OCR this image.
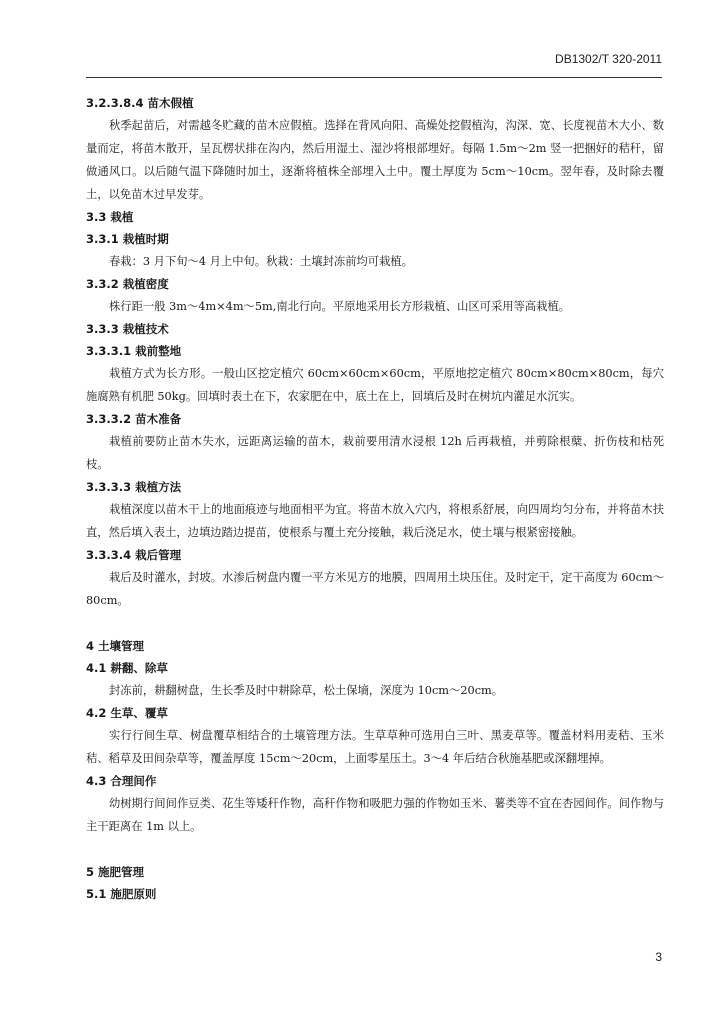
DB1302/T 320-2011
3.2.3.8.4 苗木假植
秋季起苗后，对需越冬贮藏的苗木应假植。选择在背风向阳、高燥处挖假植沟，沟深、宽、长度视苗木大小、数量而定，将苗木散开，呈瓦楞状排在沟内，然后用湿土、湿沙将根部埋好。每隔 1.5m～2m 竖一把捆好的秸秆，留做通风口。以后随气温下降随时加土，逐渐将植株全部埋入土中。覆土厚度为 5cm～10cm。翌年春，及时除去覆土，以免苗木过早发芽。
3.3 栽植
3.3.1 栽植时期
春栽：3 月下旬～4 月上中旬。秋栽：土壤封冻前均可栽植。
3.3.2 栽植密度
株行距一般 3m～4m×4m～5m,南北行向。平原地采用长方形栽植、山区可采用等高栽植。
3.3.3 栽植技术
3.3.3.1 栽前整地
栽植方式为长方形。一般山区挖定植穴 60cm×60cm×60cm，平原地挖定植穴 80cm×80cm×80cm，每穴施腐熟有机肥 50kg。回填时表土在下，农家肥在中，底土在上，回填后及时在树坑内灌足水沉实。
3.3.3.2 苗木准备
栽植前要防止苗木失水，远距离运输的苗木，栽前要用清水浸根 12h 后再栽植，并剪除根蘖、折伤枝和枯死枝。
3.3.3.3 栽植方法
栽植深度以苗木干上的地面痕迹与地面相平为宜。将苗木放入穴内，将根系舒展，向四周均匀分布，并将苗木扶直，然后填入表土，边填边踏边提苗，使根系与覆土充分接触，栽后浇足水，使土壤与根紧密接触。
3.3.3.4 栽后管理
栽后及时灌水，封坡。水渗后树盘内覆一平方米见方的地膜，四周用土块压住。及时定干，定干高度为 60cm～80cm。
4 土壤管理
4.1 耕翻、除草
封冻前，耕翻树盘，生长季及时中耕除草，松土保墒，深度为 10cm～20cm。
4.2 生草、覆草
实行行间生草、树盘覆草相结合的土壤管理方法。生草草种可选用白三叶、黑麦草等。覆盖材料用麦秸、玉米秸、稻草及田间杂草等，覆盖厚度 15cm～20cm，上面零星压土。3～4 年后结合秋施基肥或深翻埋掉。
4.3 合理间作
幼树期行间间作豆类、花生等矮秆作物，高秆作物和吸肥力强的作物如玉米、薯类等不宜在杏园间作。间作物与主干距离在 1m 以上。
5 施肥管理
5.1 施肥原则
3
